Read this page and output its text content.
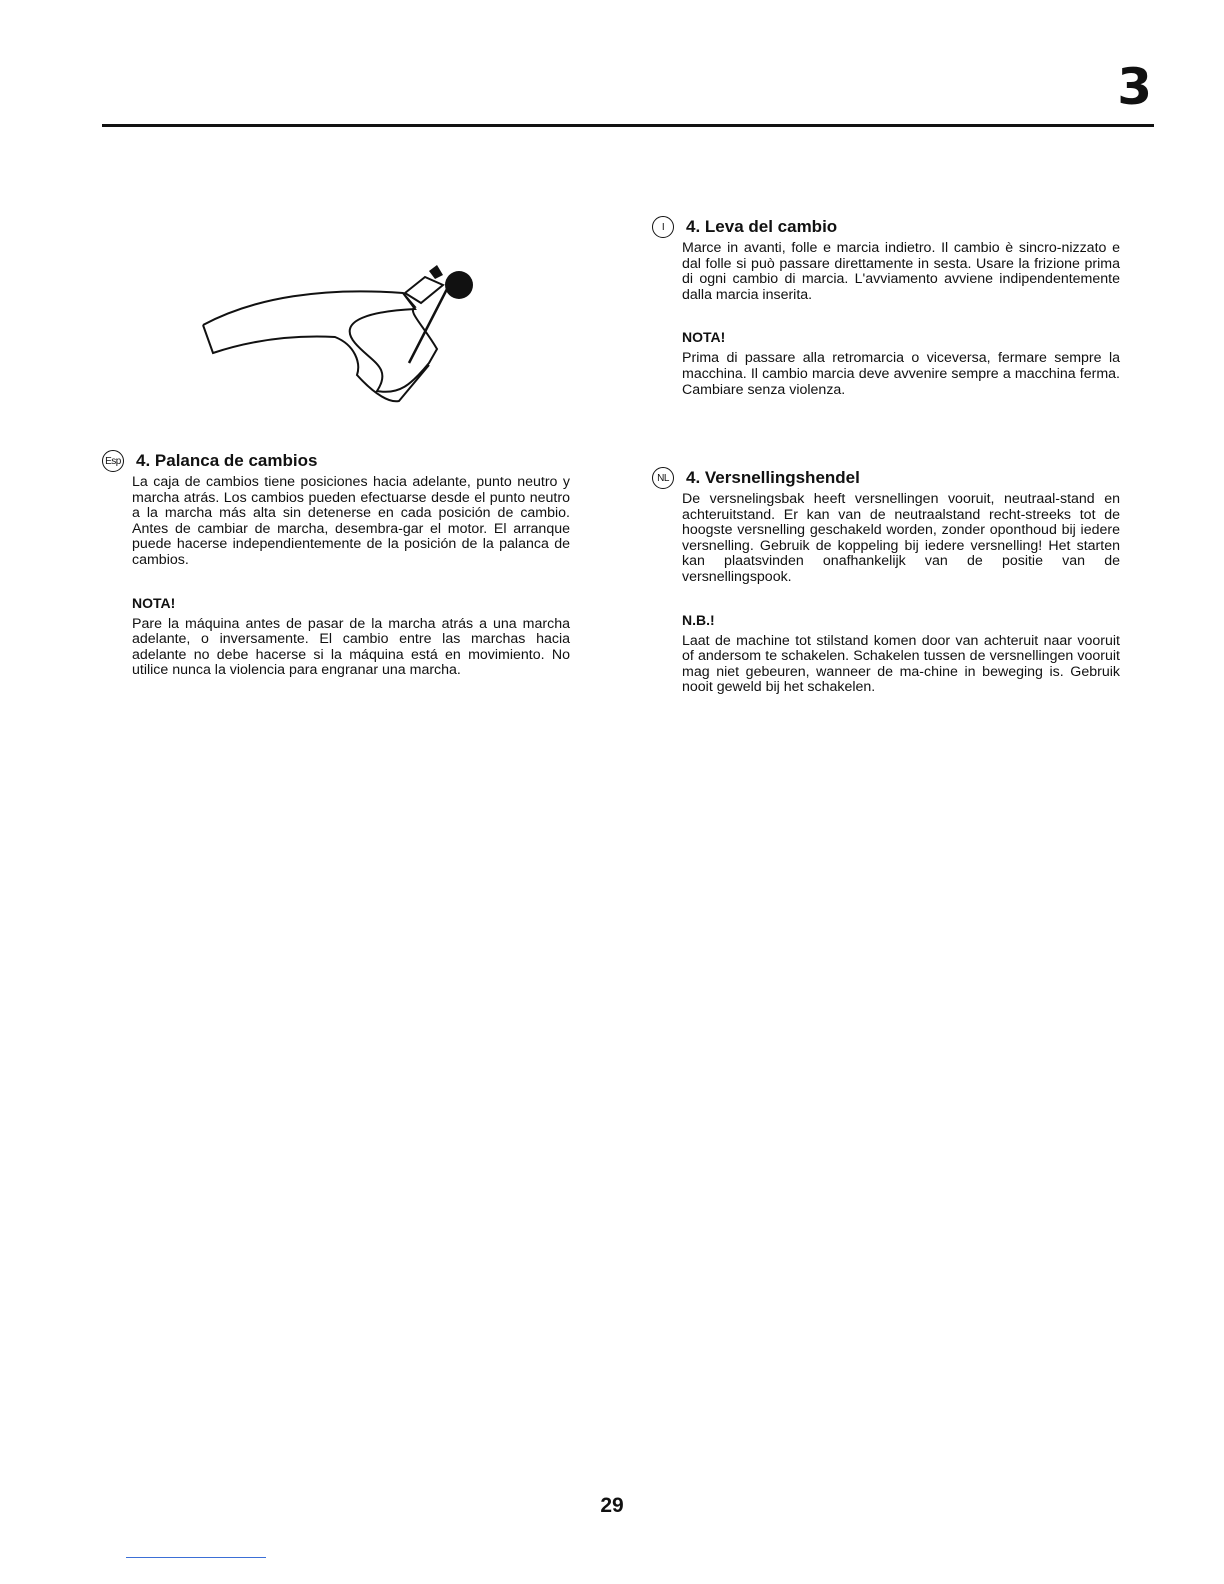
3
Esp 4. Palanca de cambios

La caja de cambios tiene posiciones hacia adelante, punto neutro y marcha atrás. Los cambios pueden efectuarse desde el punto neutro a la marcha más alta sin detenerse en cada posición de cambio. Antes de cambiar de marcha, desembra-gar el motor. El arranque puede hacerse independientemente de la posición de la palanca de cambios.

NOTA!

Pare la máquina antes de pasar de la marcha atrás a una marcha adelante, o inversamente. El cambio entre las marchas hacia adelante no debe hacerse si la máquina está en movimiento. No utilice nunca la violencia para engranar una marcha.

I	4. Leva del cambio

Marce in avanti, folle e marcia indietro. Il cambio è sincro-nizzato e dal folle si può passare direttamente in sesta. Usare la frizione prima di ogni cambio di marcia. L'avviamento avviene indipendentemente dalla marcia inserita.

NOTA!

Prima di passare alla retromarcia o viceversa, fermare sempre la macchina. Il cambio marcia deve avvenire sempre a macchina ferma. Cambiare senza violenza.

NL	4. Versnellingshendel

De versnelingsbak heeft versnellingen vooruit, neutraal-stand en achteruitstand. Er kan van de neutraalstand recht-streeks tot de hoogste versnelling geschakeld worden, zonder oponthoud bij iedere versnelling. Gebruik de koppeling bij iedere versnelling! Het starten kan plaatsvinden onafhankelijk van de positie van de versnellingspook.

N.B.!

Laat de machine tot stilstand komen door van achteruit naar vooruit of andersom te schakelen. Schakelen tussen de versnellingen vooruit mag niet gebeuren, wanneer de ma-chine in beweging is. Gebruik nooit geweld bij het schakelen.

29
